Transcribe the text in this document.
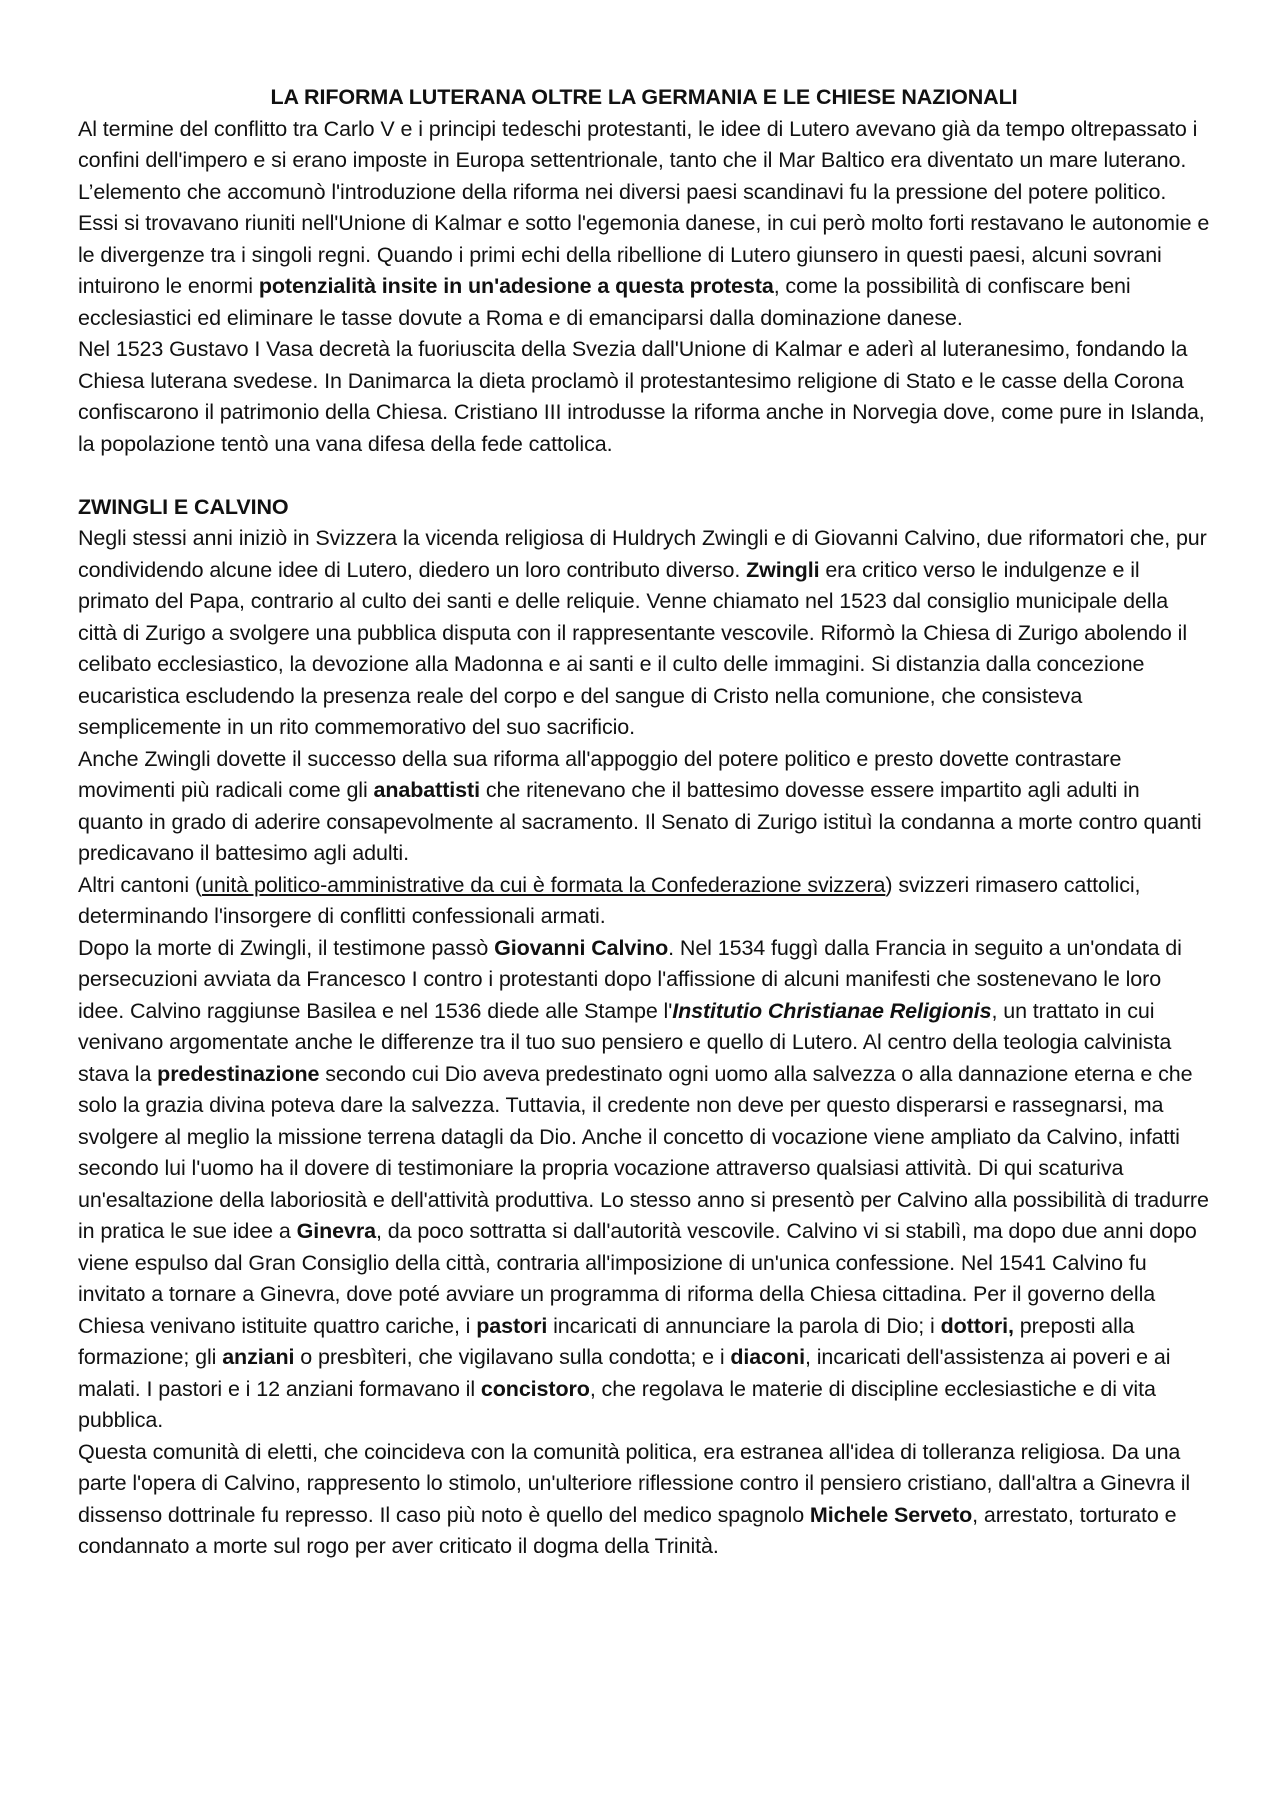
LA RIFORMA LUTERANA OLTRE LA GERMANIA E LE CHIESE NAZIONALI

Al termine del conflitto tra Carlo V e i principi tedeschi protestanti, le idee di Lutero avevano già da tempo oltrepassato i confini dell'impero e si erano imposte in Europa settentrionale, tanto che il Mar Baltico era diventato un mare luterano. L’elemento che accomunò l'introduzione della riforma nei diversi paesi scandinavi fu la pressione del potere politico. Essi si trovavano riuniti nell'Unione di Kalmar e sotto l'egemonia danese, in cui però molto forti restavano le autonomie e le divergenze tra i singoli regni. Quando i primi echi della ribellione di Lutero giunsero in questi paesi, alcuni sovrani intuirono le enormi potenzialità insite in un'adesione a questa protesta, come la possibilità di confiscare beni ecclesiastici ed eliminare le tasse dovute a Roma e di emanciparsi dalla dominazione danese.

Nel 1523 Gustavo I Vasa decretà la fuoriuscita della Svezia dall'Unione di Kalmar e aderì al luteranesimo, fondando la Chiesa luterana svedese. In Danimarca la dieta proclamò il protestantesimo religione di Stato e le casse della Corona confiscarono il patrimonio della Chiesa. Cristiano III introdusse la riforma anche in Norvegia dove, come pure in Islanda, la popolazione tentò una vana difesa della fede cattolica.

ZWINGLI E CALVINO

Negli stessi anni iniziò in Svizzera la vicenda religiosa di Huldrych Zwingli e di Giovanni Calvino, due riformatori che, pur condividendo alcune idee di Lutero, diedero un loro contributo diverso. Zwingli era critico verso le indulgenze e il primato del Papa, contrario al culto dei santi e delle reliquie. Venne chiamato nel 1523 dal consiglio municipale della città di Zurigo a svolgere una pubblica disputa con il rappresentante vescovile. Riformò la Chiesa di Zurigo abolendo il celibato ecclesiastico, la devozione alla Madonna e ai santi e il culto delle immagini. Si distanzia dalla concezione eucaristica escludendo la presenza reale del corpo e del sangue di Cristo nella comunione, che consisteva semplicemente in un rito commemorativo del suo sacrificio.

Anche Zwingli dovette il successo della sua riforma all'appoggio del potere politico e presto dovette contrastare movimenti più radicali come gli anabattisti che ritenevano che il battesimo dovesse essere impartito agli adulti in quanto in grado di aderire consapevolmente al sacramento. Il Senato di Zurigo istituì la condanna a morte contro quanti predicavano il battesimo agli adulti.

Altri cantoni (unità politico-amministrative da cui è formata la Confederazione svizzera) svizzeri rimasero cattolici, determinando l'insorgere di conflitti confessionali armati.

Dopo la morte di Zwingli, il testimone passò Giovanni Calvino. Nel 1534 fuggì dalla Francia in seguito a un'ondata di persecuzioni avviata da Francesco I contro i protestanti dopo l'affissione di alcuni manifesti che sostenevano le loro idee. Calvino raggiunse Basilea e nel 1536 diede alle Stampe l'Institutio Christianae Religionis, un trattato in cui venivano argomentate anche le differenze tra il tuo suo pensiero e quello di Lutero. Al centro della teologia calvinista stava la predestinazione secondo cui Dio aveva predestinato ogni uomo alla salvezza o alla dannazione eterna e che solo la grazia divina poteva dare la salvezza. Tuttavia, il credente non deve per questo disperarsi e rassegnarsi, ma svolgere al meglio la missione terrena datagli da Dio. Anche il concetto di vocazione viene ampliato da Calvino, infatti secondo lui l'uomo ha il dovere di testimoniare la propria vocazione attraverso qualsiasi attività. Di qui scaturiva un'esaltazione della laboriosità e dell'attività produttiva. Lo stesso anno si presentò per Calvino alla possibilità di tradurre in pratica le sue idee a Ginevra, da poco sottratta si dall'autorità vescovile. Calvino vi si stabilì, ma dopo due anni dopo viene espulso dal Gran Consiglio della città, contraria all'imposizione di un'unica confessione. Nel 1541 Calvino fu invitato a tornare a Ginevra, dove poté avviare un programma di riforma della Chiesa cittadina. Per il governo della Chiesa venivano istituite quattro cariche, i pastori incaricati di annunciare la parola di Dio; i dottori, preposti alla formazione; gli anziani o presbìteri, che vigilavano sulla condotta; e i diaconi, incaricati dell'assistenza ai poveri e ai malati. I pastori e i 12 anziani formavano il concistoro, che regolava le materie di discipline ecclesiastiche e di vita pubblica.

Questa comunità di eletti, che coincideva con la comunità politica, era estranea all'idea di tolleranza religiosa. Da una parte l'opera di Calvino, rappresento lo stimolo, un'ulteriore riflessione contro il pensiero cristiano, dall'altra a Ginevra il dissenso dottrinale fu represso. Il caso più noto è quello del medico spagnolo Michele Serveto, arrestato, torturato e condannato a morte sul rogo per aver criticato il dogma della Trinità.
